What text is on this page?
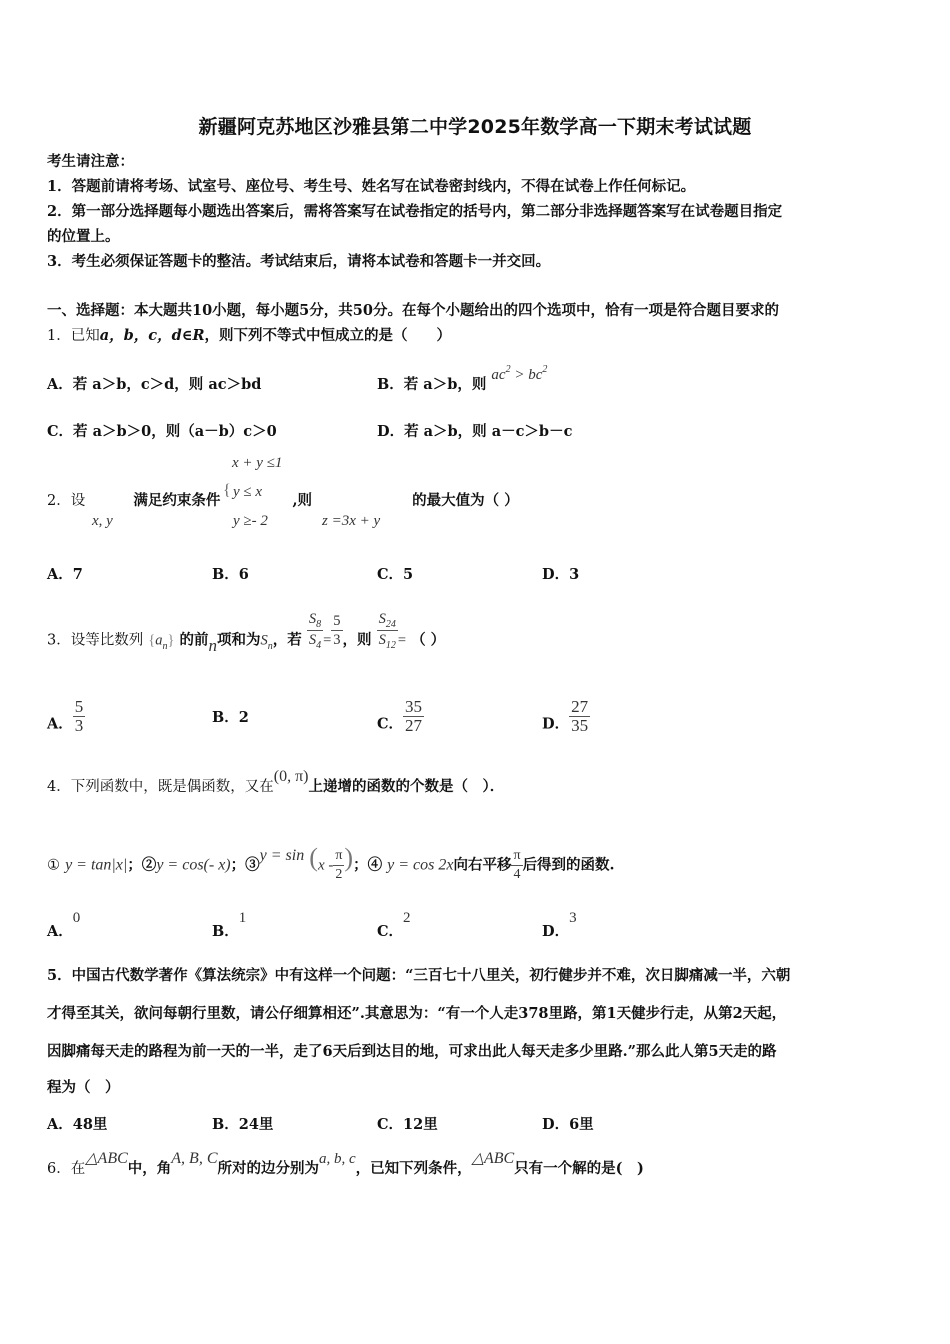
新疆阿克苏地区沙雅县第二中学2025年数学高一下期末考试试题
考生请注意：
1．答题前请将考场、试室号、座位号、考生号、姓名写在试卷密封线内，不得在试卷上作任何标记。
2．第一部分选择题每小题选出答案后，需将答案写在试卷指定的括号内，第二部分非选择题答案写在试卷题目指定
的位置上。
3．考生必须保证答题卡的整洁。考试结束后，请将本试卷和答题卡一并交回。
一、选择题：本大题共10小题，每小题5分，共50分。在每个小题给出的四个选项中，恰有一项是符合题目要求的
1．已知a，b，c，d∈R，则下列不等式中恒成立的是（　　）
A．若 a＞b，c＞d，则 ac＞bd	B．若 a＞b，则 $ac^2 > bc^2$
C．若 a＞b＞0，则（a－b）c＞0	D．若 a＞b，则 a－c＞b－c
x + y ≤1
{ y ≤ x
2．设	满足约束条件	,则	的最大值为（ ）
x, y	y ≥- 2	z =3x + y
A．7	B．6	C．5	D．3
3．设等比数列 $\{a_n\}$ 的前n项和为$S_n$，若 $\frac{S_8}{S_4} = \frac{5}{3}$ ，则 $\frac{S_{24}}{S_{12}}$ = （ ）
A． $\frac{5}{3}$	B．2	C． $\frac{35}{27}$	D． $\frac{27}{35}$
4．下列函数中，既是偶函数，又在(0, π)上递增的函数的个数是（　）．
① y = tan|x|；②y = cos(- x)；③y = $\sin (x - \frac{\pi}{2}$ )；④ y = cos 2x向右平移 $\frac{\pi}{4}$ 后得到的函数.
A．0
B．1
C．2
D．3
5．中国古代数学著作《算法统宗》中有这样一个问题：“三百七十八里关，初行健步并不难，次日脚痛减一半，六朝
才得至其关，欲问每朝行里数，请公仔细算相还”.其意思为：“有一个人走378里路，第1天健步行走，从第2天起，
因脚痛每天走的路程为前一天的一半，走了6天后到达目的地，可求出此人每天走多少里路.”那么此人第5天走的路
程为（　）
A．48里	B．24里	C．12里	D．6里
6．在△ABC中，角A, B, C所对的边分别为a, b, c，已知下列条件，△ABC只有一个解的是(　)
